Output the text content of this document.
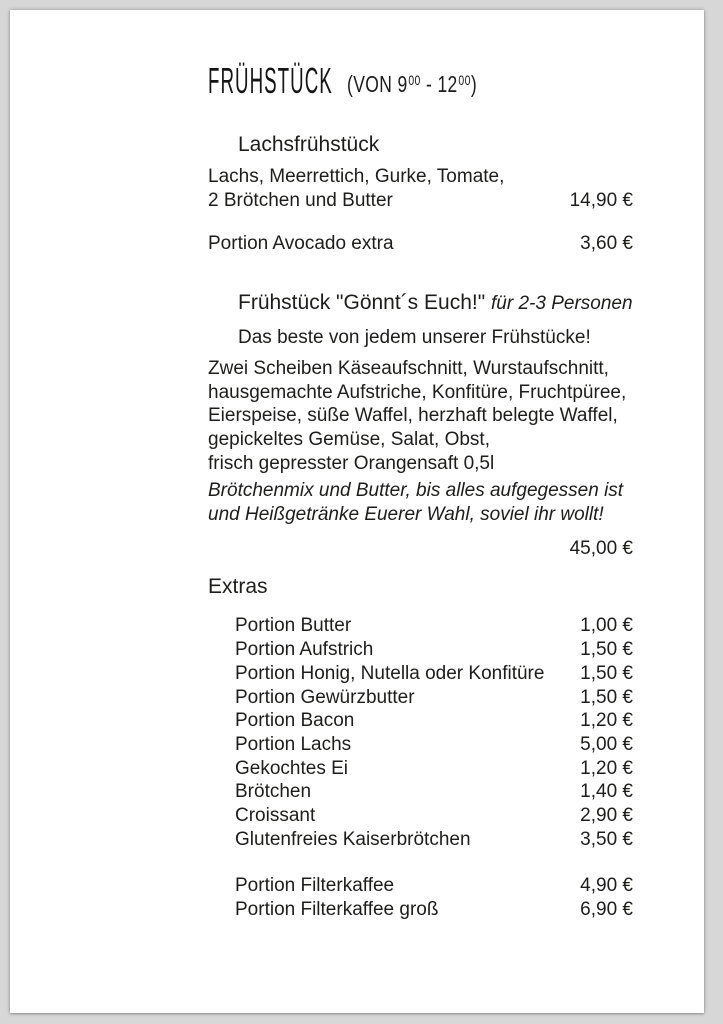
FRÜHSTÜCK (VON $9^{00} - 12^{00}$)
Lachsfrühstück
Lachs, Meerrettich, Gurke, Tomate,
2 Brötchen und Butter	14,90 €
Portion Avocado extra	3,60 €
Frühstück "Gönnt´s Euch!" für 2-3 Personen
Das beste von jedem unserer Frühstücke!
Zwei Scheiben Käseaufschnitt, Wurstaufschnitt,
hausgemachte Aufstriche, Konfitüre, Fruchtpüree,
Eierspeise, süße Waffel, herzhaft belegte Waffel,
gepickeltes Gemüse, Salat, Obst,
frisch gepresster Orangensaft 0,5l
Brötchenmix und Butter, bis alles aufgegessen ist
und Heißgetränke Euerer Wahl, soviel ihr wollt!
45,00 €
Extras
Portion Butter	1,00 €
Portion Aufstrich	1,50 €
Portion Honig, Nutella oder Konfitüre 1,50 €
Portion Gewürzbutter	1,50 €
Portion Bacon	1,20 €
Portion Lachs	5,00 €
Gekochtes Ei	1,20 €
Brötchen	1,40 €
Croissant	2,90 €
Glutenfreies Kaiserbrötchen	3,50 €
Portion Filterkaffee	4,90 €
Portion Filterkaffee groß	6,90 €
